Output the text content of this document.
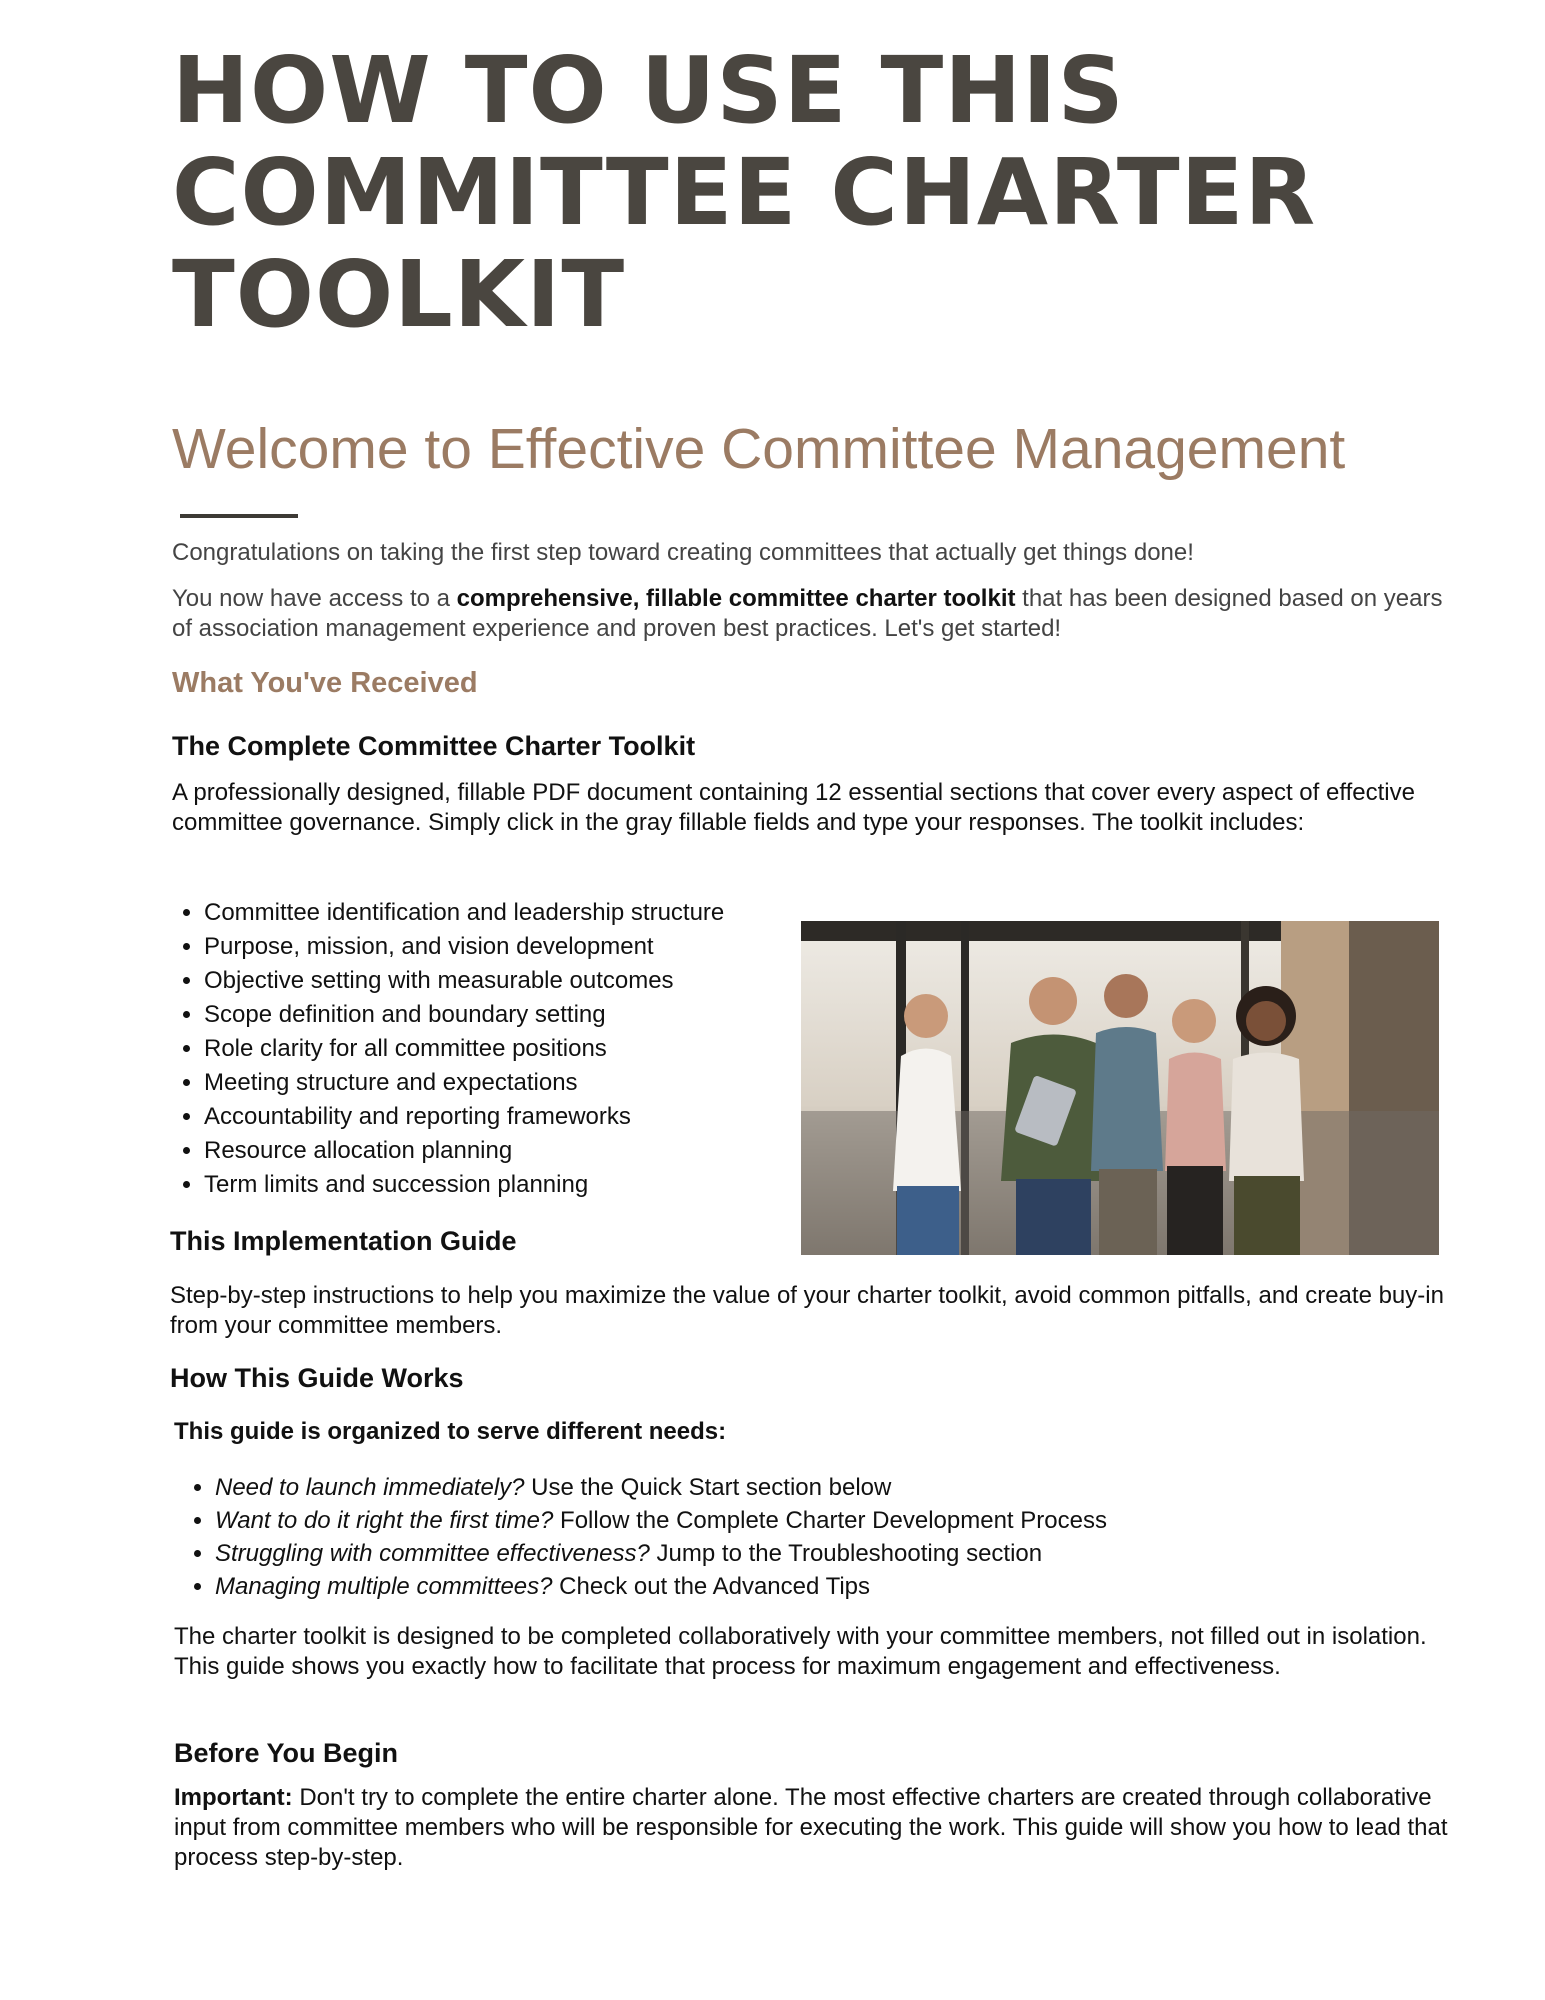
HOW TO USE THIS
COMMITTEE CHARTER
TOOLKIT
Welcome to Effective Committee Management

Congratulations on taking the first step toward creating committees that actually get things done!

You now have access to a comprehensive, fillable committee charter toolkit that has been designed based on years of association management experience and proven best practices. Let's get started!

What You've Received
The Complete Committee Charter Toolkit

A professionally designed, fillable PDF document containing 12 essential sections that cover every aspect of effective committee governance. Simply click in the gray fillable fields and type your responses. The toolkit includes:

• Committee identification and leadership structure
• Purpose, mission, and vision development
• Objective setting with measurable outcomes
• Scope definition and boundary setting
• Role clarity for all committee positions
• Meeting structure and expectations
• Accountability and reporting frameworks
• Resource allocation planning
• Term limits and succession planning
This Implementation Guide

Step-by-step instructions to help you maximize the value of your charter toolkit, avoid common pitfalls, and create buy-in from your committee members.

How This Guide Works

This guide is organized to serve different needs:

• Need to launch immediately? Use the Quick Start section below
• Want to do it right the first time? Follow the Complete Charter Development Process
• Struggling with committee effectiveness? Jump to the Troubleshooting section
• Managing multiple committees? Check out the Advanced Tips

The charter toolkit is designed to be completed collaboratively with your committee members, not filled out in isolation. This guide shows you exactly how to facilitate that process for maximum engagement and effectiveness.

Before You Begin

Important: Don't try to complete the entire charter alone. The most effective charters are created through collaborative input from committee members who will be responsible for executing the work. This guide will show you how to lead that process step-by-step.
